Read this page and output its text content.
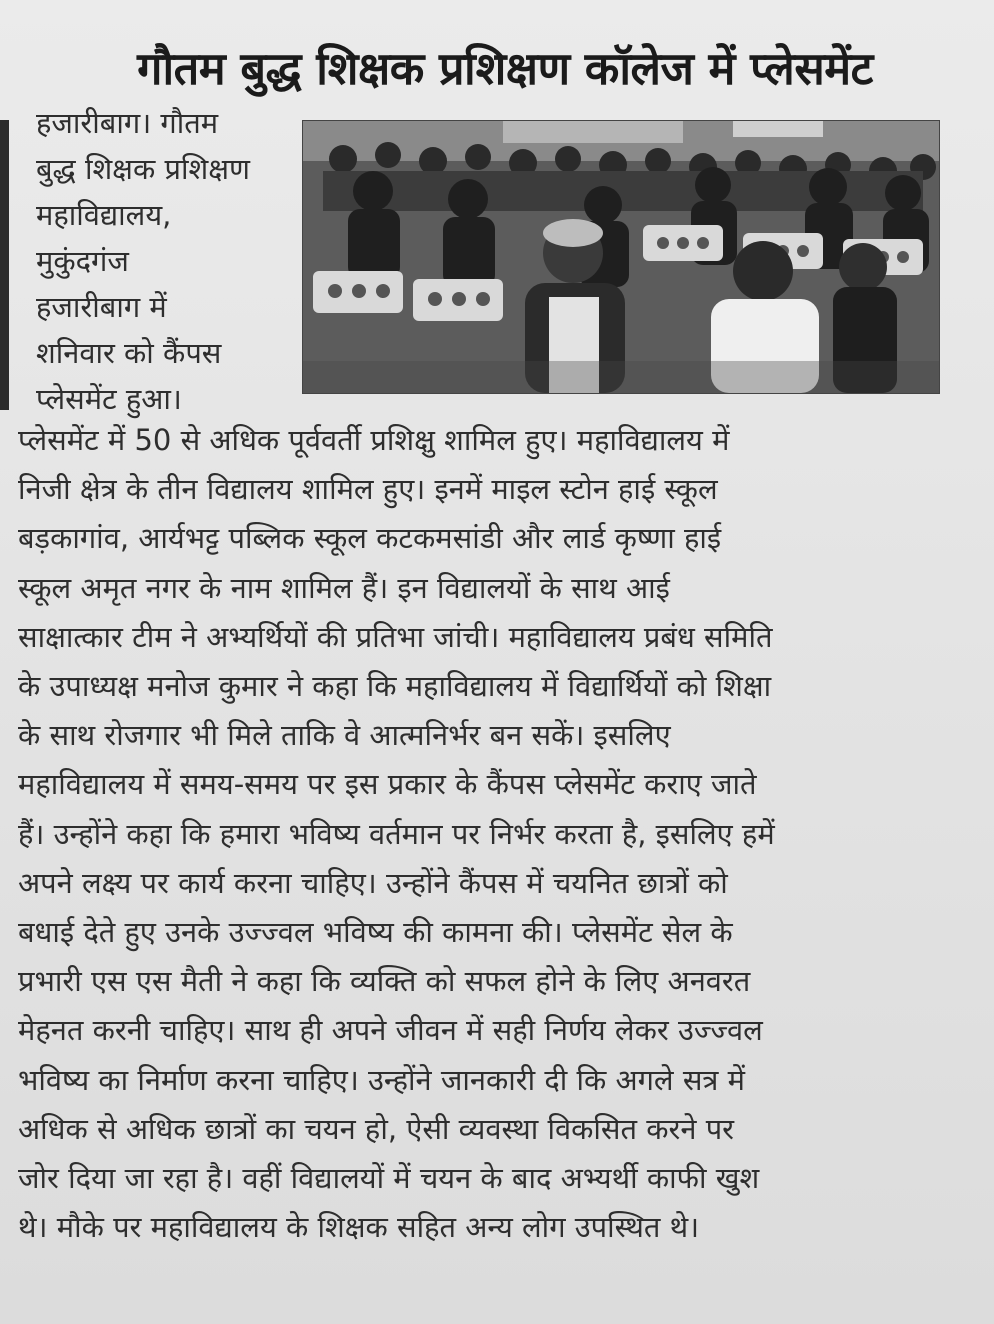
गौतम बुद्ध शिक्षक प्रशिक्षण कॉलेज में प्लेसमेंट
हजारीबाग। गौतम
बुद्ध शिक्षक प्रशिक्षण
महाविद्यालय,
मुकुंदगंज
हजारीबाग में
शनिवार को कैंपस
प्लेसमेंट हुआ।
प्लेसमेंट में 50 से अधिक पूर्ववर्ती प्रशिक्षु शामिल हुए। महाविद्यालय में
निजी क्षेत्र के तीन विद्यालय शामिल हुए। इनमें माइल स्टोन हाई स्कूल
बड़कागांव, आर्यभट्ट पब्लिक स्कूल कटकमसांडी और लार्ड कृष्णा हाई
स्कूल अमृत नगर के नाम शामिल हैं। इन विद्यालयों के साथ आई
साक्षात्कार टीम ने अभ्यर्थियों की प्रतिभा जांची। महाविद्यालय प्रबंध समिति
के उपाध्यक्ष मनोज कुमार ने कहा कि महाविद्यालय में विद्यार्थियों को शिक्षा
के साथ रोजगार भी मिले ताकि वे आत्मनिर्भर बन सकें। इसलिए
महाविद्यालय में समय-समय पर इस प्रकार के कैंपस प्लेसमेंट कराए जाते
हैं। उन्होंने कहा कि हमारा भविष्य वर्तमान पर निर्भर करता है, इसलिए हमें
अपने लक्ष्य पर कार्य करना चाहिए। उन्होंने कैंपस में चयनित छात्रों को
बधाई देते हुए उनके उज्ज्वल भविष्य की कामना की। प्लेसमेंट सेल के
प्रभारी एस एस मैती ने कहा कि व्यक्ति को सफल होने के लिए अनवरत
मेहनत करनी चाहिए। साथ ही अपने जीवन में सही निर्णय लेकर उज्ज्वल
भविष्य का निर्माण करना चाहिए। उन्होंने जानकारी दी कि अगले सत्र में
अधिक से अधिक छात्रों का चयन हो, ऐसी व्यवस्था विकसित करने पर
जोर दिया जा रहा है। वहीं विद्यालयों में चयन के बाद अभ्यर्थी काफी खुश
थे। मौके पर महाविद्यालय के शिक्षक सहित अन्य लोग उपस्थित थे।
